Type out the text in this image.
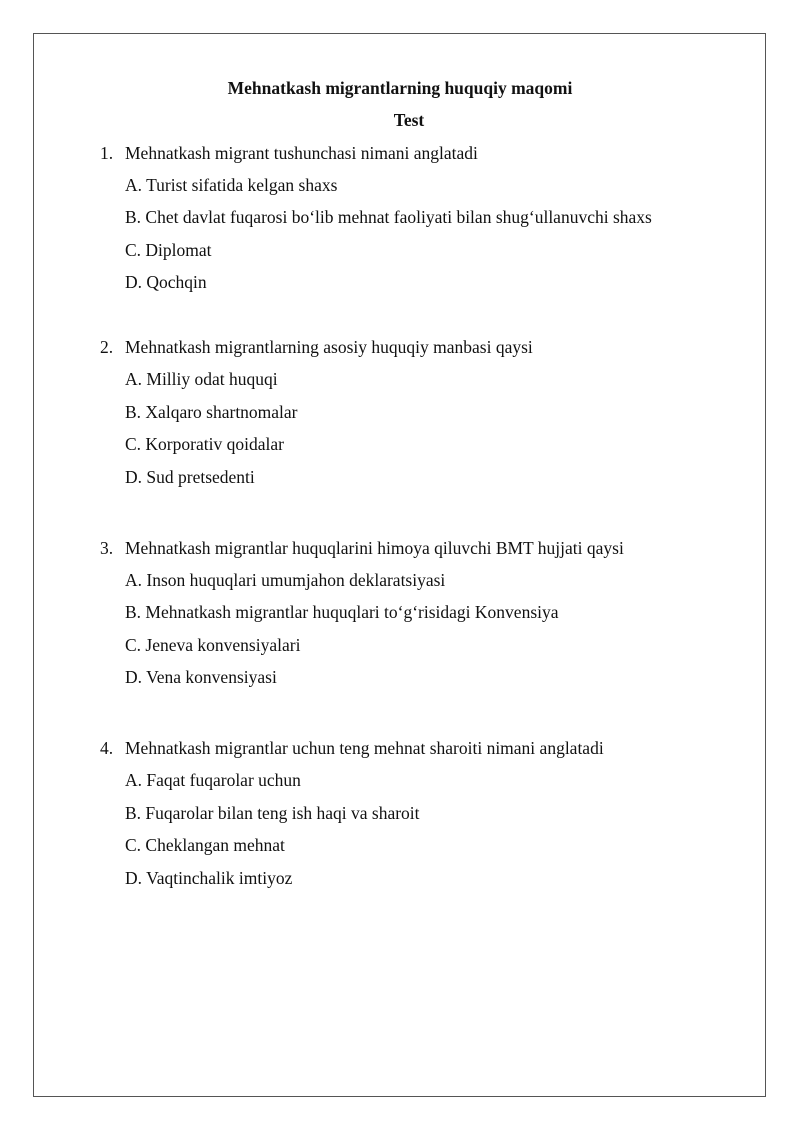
Mehnatkash migrantlarning huquqiy maqomi
Test
1. Mehnatkash migrant tushunchasi nimani anglatadi
A. Turist sifatida kelgan shaxs
B. Chet davlat fuqarosi bo‘lib mehnat faoliyati bilan shug‘ullanuvchi shaxs
C. Diplomat
D. Qochqin
2. Mehnatkash migrantlarning asosiy huquqiy manbasi qaysi
A. Milliy odat huquqi
B. Xalqaro shartnomalar
C. Korporativ qoidalar
D. Sud pretsedenti
3. Mehnatkash migrantlar huquqlarini himoya qiluvchi BMT hujjati qaysi
A. Inson huquqlari umumjahon deklaratsiyasi
B. Mehnatkash migrantlar huquqlari to‘g‘risidagi Konvensiya
C. Jeneva konvensiyalari
D. Vena konvensiyasi
4. Mehnatkash migrantlar uchun teng mehnat sharoiti nimani anglatadi
A. Faqat fuqarolar uchun
B. Fuqarolar bilan teng ish haqi va sharoit
C. Cheklangan mehnat
D. Vaqtinchalik imtiyoz
